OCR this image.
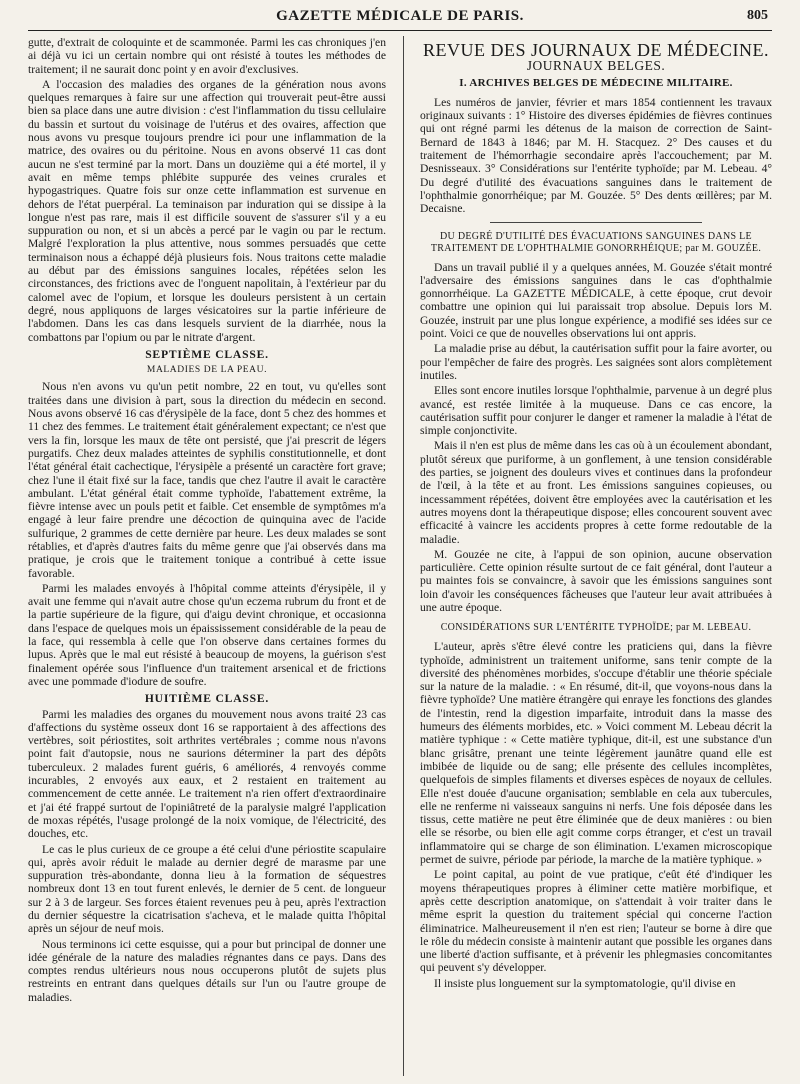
GAZETTE MÉDICALE DE PARIS.	805

gutte, d'extrait de coloquinte et de scammonée. Parmi les cas chroniques j'en ai déjà vu ici un certain nombre qui ont résisté à toutes les méthodes de traitement; il ne saurait donc point y en avoir d'exclusives.

A l'occasion des maladies des organes de la génération nous avons quelques remarques à faire sur une affection qui trouverait peut-être aussi bien sa place dans une autre division : c'est l'inflammation du tissu cellulaire du bassin et surtout du voisinage de l'utérus et des ovaires, affection que nous avons vu presque toujours prendre ici pour une inflammation de la matrice, des ovaires ou du péritoine. Nous en avons observé 11 cas dont aucun ne s'est terminé par la mort. Dans un douzième qui a été mortel, il y avait en même temps phlébite suppurée des veines crurales et hypogastriques. Quatre fois sur onze cette inflammation est survenue en dehors de l'état puerpéral. La teminaison par induration qui se dissipe à la longue n'est pas rare, mais il est difficile souvent de s'assurer s'il y a eu suppuration ou non, et si un abcès a percé par le vagin ou par le rectum. Malgré l'exploration la plus attentive, nous sommes persuadés que cette terminaison nous a échappé déjà plusieurs fois. Nous traitons cette maladie au début par des émissions sanguines locales, répétées selon les circonstances, des frictions avec de l'onguent napolitain, à l'extérieur par du calomel avec de l'opium, et lorsque les douleurs persistent à un certain degré, nous appliquons de larges vésicatoires sur la partie inférieure de l'abdomen. Dans les cas dans lesquels survient de la diarrhée, nous la combattons par l'opium ou par le nitrate d'argent.

SEPTIÈME CLASSE.
MALADIES DE LA PEAU.

Nous n'en avons vu qu'un petit nombre, 22 en tout, vu qu'elles sont traitées dans une division à part, sous la direction du médecin en second. Nous avons observé 16 cas d'érysipèle de la face, dont 5 chez des hommes et 11 chez des femmes. Le traitement était généralement expectant; ce n'est que vers la fin, lorsque les maux de tête ont persisté, que j'ai prescrit de légers purgatifs. Chez deux malades atteintes de syphilis constitutionnelle, et dont l'état général était cachectique, l'érysipèle a présenté un caractère fort grave; chez l'une il était fixé sur la face, tandis que chez l'autre il avait le caractère ambulant. L'état général était comme typhoïde, l'abattement extrême, la fièvre intense avec un pouls petit et faible. Cet ensemble de symptômes m'a engagé à leur faire prendre une décoction de quinquina avec de l'acide sulfurique, 2 grammes de cette dernière par heure. Les deux malades se sont rétablies, et d'après d'autres faits du même genre que j'ai observés dans ma pratique, je crois que le traitement tonique a contribué à cette issue favorable.

Parmi les malades envoyés à l'hôpital comme atteints d'érysipèle, il y avait une femme qui n'avait autre chose qu'un eczema rubrum du front et de la partie supérieure de la figure, qui d'aigu devint chronique, et occasionna dans l'espace de quelques mois un épaississement considérable de la peau de la face, qui ressembla à celle que l'on observe dans certaines formes du lupus. Après que le mal eut résisté à beaucoup de moyens, la guérison s'est finalement opérée sous l'influence d'un traitement arsenical et de frictions avec une pommade d'iodure de soufre.

HUITIÈME CLASSE.

Parmi les maladies des organes du mouvement nous avons traité 23 cas d'affections du système osseux dont 16 se rapportaient à des affections des vertèbres, soit périostites, soit arthrites vertébrales ; comme nous n'avons point fait d'autopsie, nous ne saurions déterminer la part des dépôts tuberculeux. 2 malades furent guéris, 6 améliorés, 4 renvoyés comme incurables, 2 envoyés aux eaux, et 2 restaient en traitement au commencement de cette année. Le traitement n'a rien offert d'extraordinaire et j'ai été frappé surtout de l'opiniâtreté de la paralysie malgré l'application de moxas répétés, l'usage prolongé de la noix vomique, de l'électricité, des douches, etc.

Le cas le plus curieux de ce groupe a été celui d'une périostite scapulaire qui, après avoir réduit le malade au dernier degré de marasme par une suppuration très-abondante, donna lieu à la formation de séquestres nombreux dont 13 en tout furent enlevés, le dernier de 5 cent. de longueur sur 2 à 3 de largeur. Ses forces étaient revenues peu à peu, après l'extraction du dernier séquestre la cicatrisation s'acheva, et le malade quitta l'hôpital après un séjour de neuf mois.

Nous terminons ici cette esquisse, qui a pour but principal de donner une idée générale de la nature des maladies régnantes dans ce pays. Dans des comptes rendus ultérieurs nous nous occuperons plutôt de sujets plus restreints en entrant dans quelques détails sur l'un ou l'autre groupe de maladies.

REVUE DES JOURNAUX DE MÉDECINE.
JOURNAUX BELGES.
I. ARCHIVES BELGES DE MÉDECINE MILITAIRE.

Les numéros de janvier, février et mars 1854 contiennent les travaux originaux suivants : 1° Histoire des diverses épidémies de fièvres continues qui ont régné parmi les détenus de la maison de correction de Saint-Bernard de 1843 à 1846; par M. H. Stacquez. 2° Des causes et du traitement de l'hémorrhagie secondaire après l'accouchement; par M. Desnisseaux. 3° Considérations sur l'entérite typhoïde; par M. Lebeau. 4° Du degré d'utilité des évacuations sanguines dans le traitement de l'ophthalmie gonorrhéique; par M. Gouzée. 5° Des dents œillères; par M. Decaisne.

DU DEGRÉ D'UTILITÉ DES ÉVACUATIONS SANGUINES DANS LE TRAITEMENT DE L'OPHTHALMIE GONORRHÉIQUE; par M. GOUZÉE.

Dans un travail publié il y a quelques années, M. Gouzée s'était montré l'adversaire des émissions sanguines dans le cas d'ophthalmie gonnorrhéique. La GAZETTE MÉDICALE, à cette époque, crut devoir combattre une opinion qui lui paraissait trop absolue. Depuis lors M. Gouzée, instruit par une plus longue expérience, a modifié ses idées sur ce point. Voici ce que de nouvelles observations lui ont appris.

La maladie prise au début, la cautérisation suffit pour la faire avorter, ou pour l'empêcher de faire des progrès. Les saignées sont alors complètement inutiles.

Elles sont encore inutiles lorsque l'ophthalmie, parvenue à un degré plus avancé, est restée limitée à la muqueuse. Dans ce cas encore, la cautérisation suffit pour conjurer le danger et ramener la maladie à l'état de simple conjonctivite.

Mais il n'en est plus de même dans les cas où à un écoulement abondant, plutôt séreux que puriforme, à un gonflement, à une tension considérable des parties, se joignent des douleurs vives et continues dans la profondeur de l'œil, à la tête et au front. Les émissions sanguines copieuses, ou incessamment répétées, doivent être employées avec la cautérisation et les autres moyens dont la thérapeutique dispose; elles concourent souvent avec efficacité à vaincre les accidents propres à cette forme redoutable de la maladie.

M. Gouzée ne cite, à l'appui de son opinion, aucune observation particulière. Cette opinion résulte surtout de ce fait général, dont l'auteur a pu maintes fois se convaincre, à savoir que les émissions sanguines sont loin d'avoir les conséquences fâcheuses que l'auteur leur avait attribuées à une autre époque.

CONSIDÉRATIONS SUR L'ENTÉRITE TYPHOÏDE; par M. LEBEAU.

L'auteur, après s'être élevé contre les praticiens qui, dans la fièvre typhoïde, administrent un traitement uniforme, sans tenir compte de la diversité des phénomènes morbides, s'occupe d'établir une théorie spéciale sur la nature de la maladie. : « En résumé, dit-il, que voyons-nous dans la fièvre typhoïde? Une matière étrangère qui enraye les fonctions des glandes de l'intestin, rend la digestion imparfaite, introduit dans la masse des humeurs des éléments morbides, etc. » Voici comment M. Lebeau décrit la matière typhique : « Cette matière typhique, dit-il, est une substance d'un blanc grisâtre, prenant une teinte légèrement jaunâtre quand elle est imbibée de liquide ou de sang; elle présente des cellules incomplètes, quelquefois de simples filaments et diverses espèces de noyaux de cellules. Elle n'est douée d'aucune organisation; semblable en cela aux tubercules, elle ne renferme ni vaisseaux sanguins ni nerfs. Une fois déposée dans les tissus, cette matière ne peut être éliminée que de deux manières : ou bien elle se résorbe, ou bien elle agit comme corps étranger, et c'est un travail inflammatoire qui se charge de son élimination. L'examen microscopique permet de suivre, période par période, la marche de la matière typhique. »

Le point capital, au point de vue pratique, c'eût été d'indiquer les moyens thérapeutiques propres à éliminer cette matière morbifique, et après cette description anatomique, on s'attendait à voir traiter dans le même esprit la question du traitement spécial qui concerne l'action éliminatrice. Malheureusement il n'en est rien; l'auteur se borne à dire que le rôle du médecin consiste à maintenir autant que possible les organes dans une liberté d'action suffisante, et à prévenir les phlegmasies concomitantes qui peuvent s'y développer.

Il insiste plus longuement sur la symptomatologie, qu'il divise en
